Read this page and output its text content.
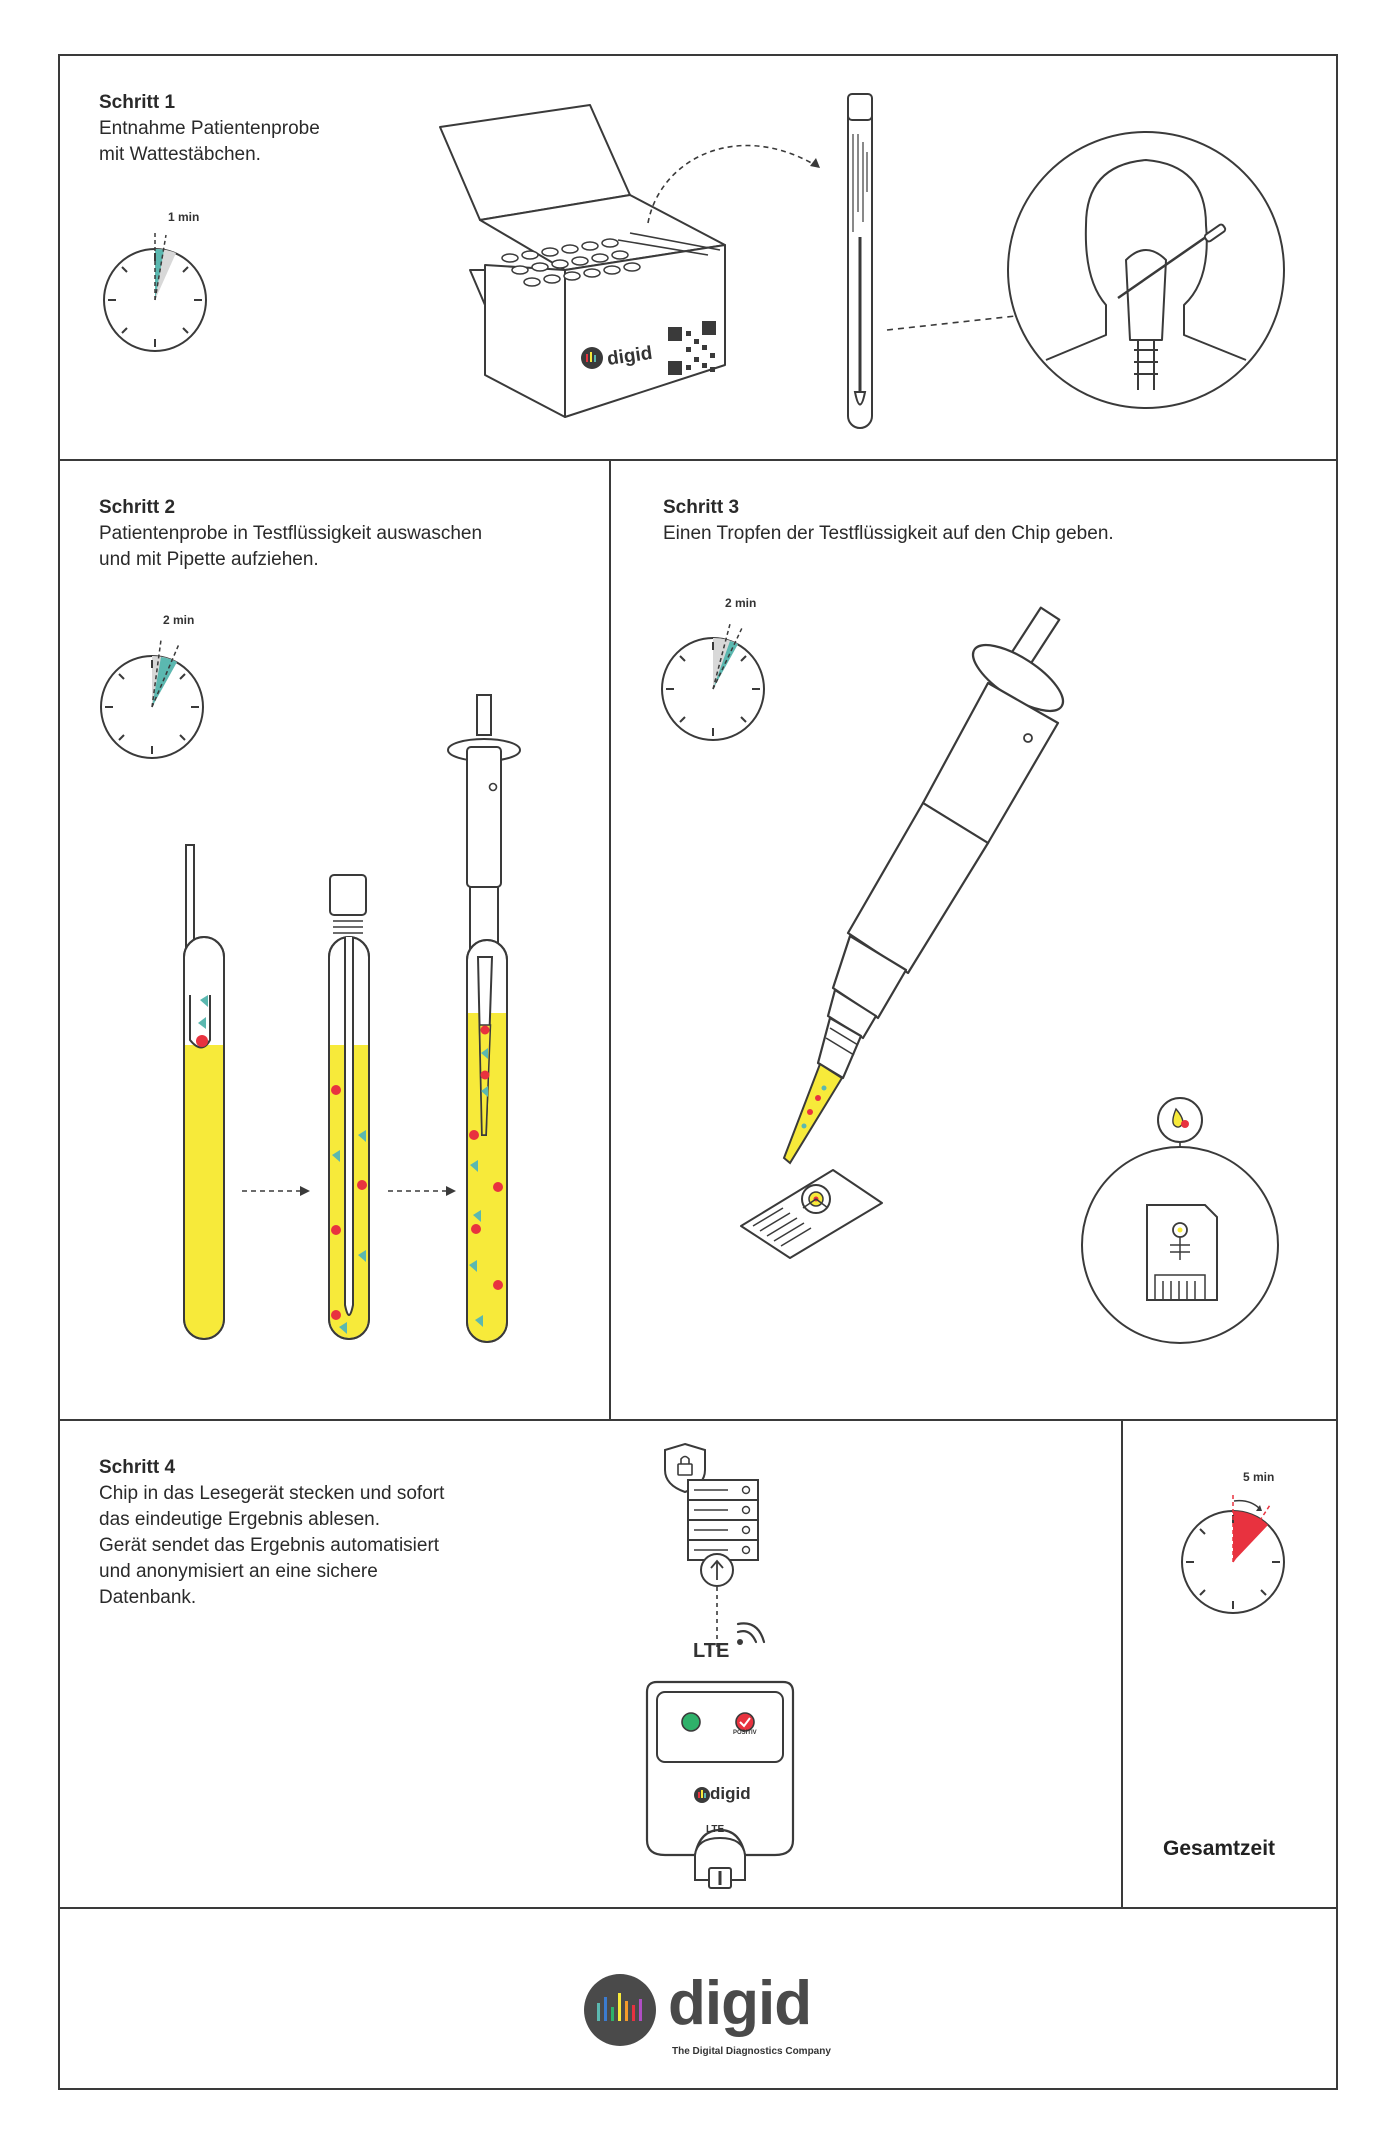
Schritt 1
Entnahme Patientenprobe
mit Wattestäbchen.
1 min
digid
Schritt 2
Patientenprobe in Testflüssigkeit auswaschen
und mit Pipette aufziehen.
2 min
Schritt 3
Einen Tropfen der Testflüssigkeit auf den Chip geben.
2 min
Schritt 4
Chip in das Lesegerät stecken und sofort
das eindeutige Ergebnis ablesen.
Gerät sendet das Ergebnis automatisiert
und anonymisiert an eine sichere
Datenbank.
LTE
POSITIV
digid
LTE
5 min
Gesamtzeit
digid
The Digital Diagnostics Company
